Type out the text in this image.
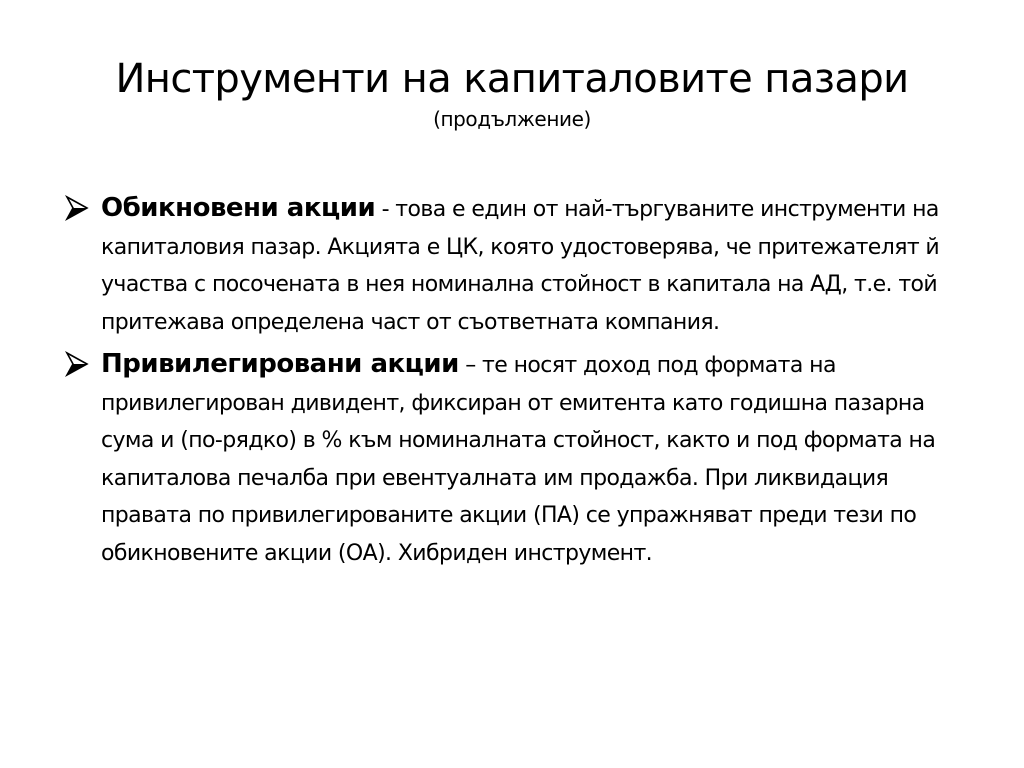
Инструменти на капиталовите пазари
(продължение)
Обикновени акции - това е един от най-търгуваните инструменти на капиталовия пазар. Акцията е ЦК, която удостоверява, че притежателят й участва с посочената в нея номинална стойност в капитала на АД, т.е. той притежава определена част от съответната компания.
Привилегировани акции – те носят доход под формата на привилегирован дивидент, фиксиран от емитента като годишна пазарна сума и (по-рядко) в % към номиналната стойност, както и под формата на капиталова печалба при евентуалната им продажба. При ликвидация правата по привилегированите акции (ПА) се упражняват преди тези по обикновените акции (ОА). Хибриден инструмент.
